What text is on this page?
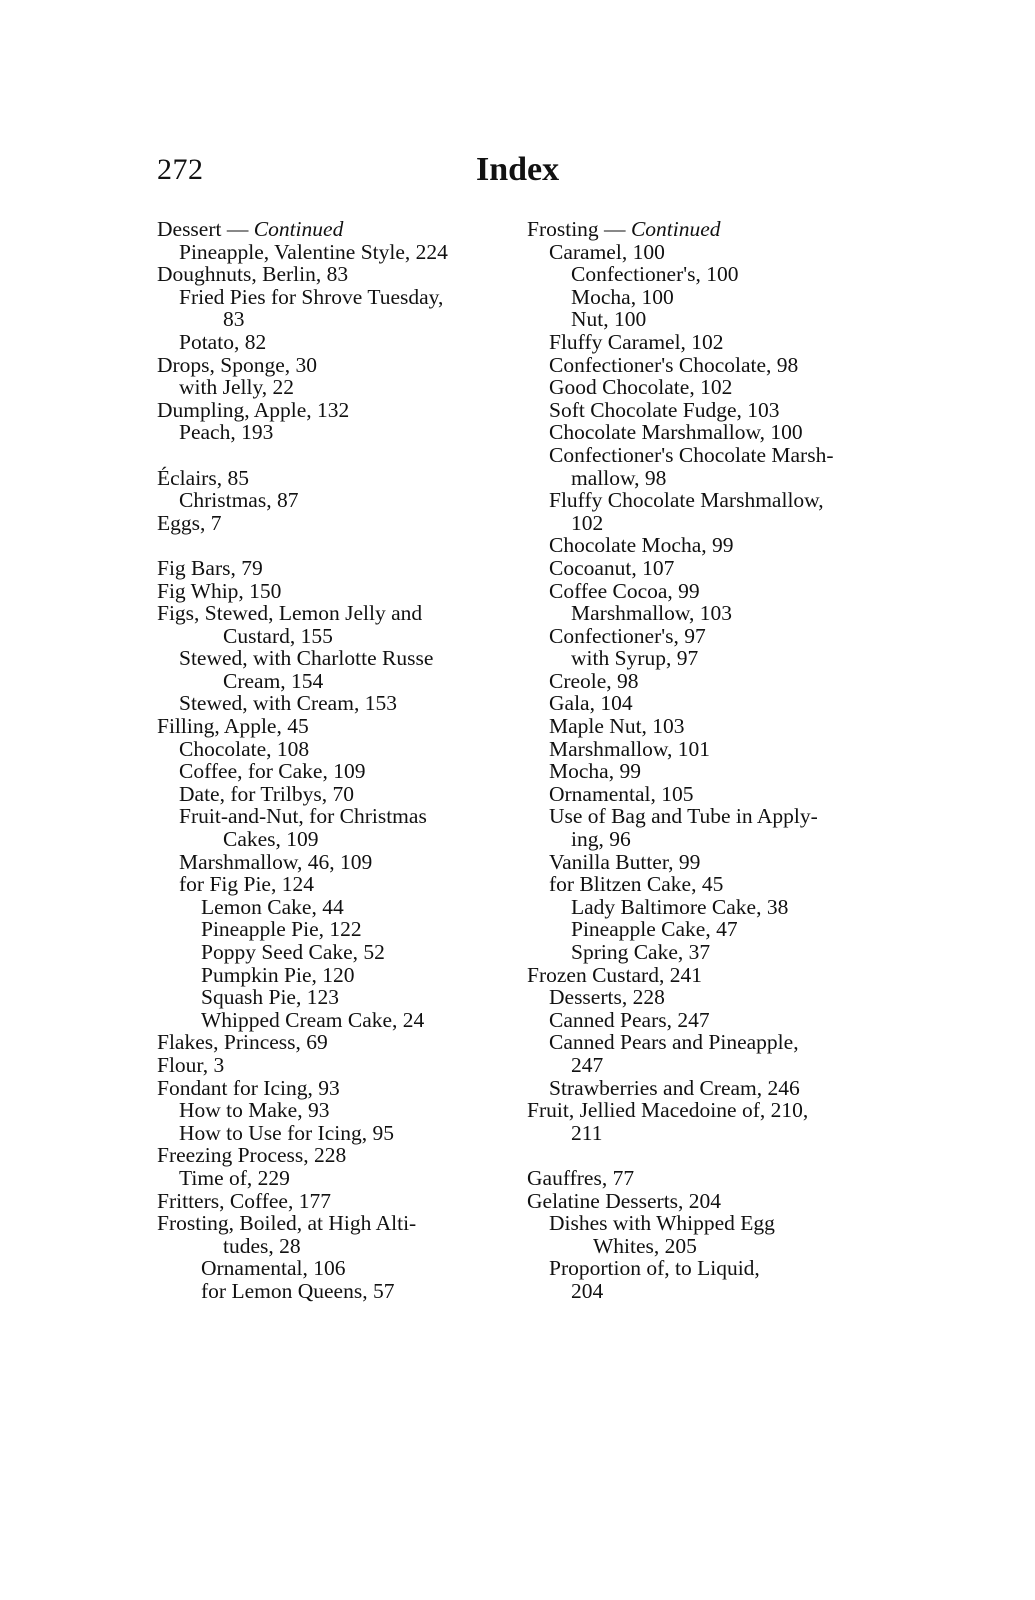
272	Index
Dessert — Continued
Pineapple, Valentine Style, 224
Doughnuts, Berlin, 83
Fried Pies for Shrove Tuesday,
83
Potato, 82
Drops, Sponge, 30
with Jelly, 22
Dumpling, Apple, 132
Peach, 193
Éclairs, 85
Christmas, 87
Eggs, 7
Fig Bars, 79
Fig Whip, 150
Figs, Stewed, Lemon Jelly and
Custard, 155
Stewed, with Charlotte Russe
Cream, 154
Stewed, with Cream, 153
Filling, Apple, 45
Chocolate, 108
Coffee, for Cake, 109
Date, for Trilbys, 70
Fruit-and-Nut, for Christmas
Cakes, 109
Marshmallow, 46, 109
for Fig Pie, 124
Lemon Cake, 44
Pineapple Pie, 122
Poppy Seed Cake, 52
Pumpkin Pie, 120
Squash Pie, 123
Whipped Cream Cake, 24
Flakes, Princess, 69
Flour, 3
Fondant for Icing, 93
How to Make, 93
How to Use for Icing, 95
Freezing Process, 228
Time of, 229
Fritters, Coffee, 177
Frosting, Boiled, at High Alti-
tudes, 28
Ornamental, 106
for Lemon Queens, 57
Frosting — Continued
Caramel, 100
Confectioner's, 100
Mocha, 100
Nut, 100
Fluffy Caramel, 102
Confectioner's Chocolate, 98
Good Chocolate, 102
Soft Chocolate Fudge, 103
Chocolate Marshmallow, 100
Confectioner's Chocolate Marsh-
mallow, 98
Fluffy Chocolate Marshmallow,
102
Chocolate Mocha, 99
Cocoanut, 107
Coffee Cocoa, 99
Marshmallow, 103
Confectioner's, 97
with Syrup, 97
Creole, 98
Gala, 104
Maple Nut, 103
Marshmallow, 101
Mocha, 99
Ornamental, 105
Use of Bag and Tube in Apply-
ing, 96
Vanilla Butter, 99
for Blitzen Cake, 45
Lady Baltimore Cake, 38
Pineapple Cake, 47
Spring Cake, 37
Frozen Custard, 241
Desserts, 228
Canned Pears, 247
Canned Pears and Pineapple,
247
Strawberries and Cream, 246
Fruit, Jellied Macedoine of, 210,
211
Gauffres, 77
Gelatine Desserts, 204
Dishes with Whipped Egg
Whites, 205
Proportion of, to Liquid,
204
